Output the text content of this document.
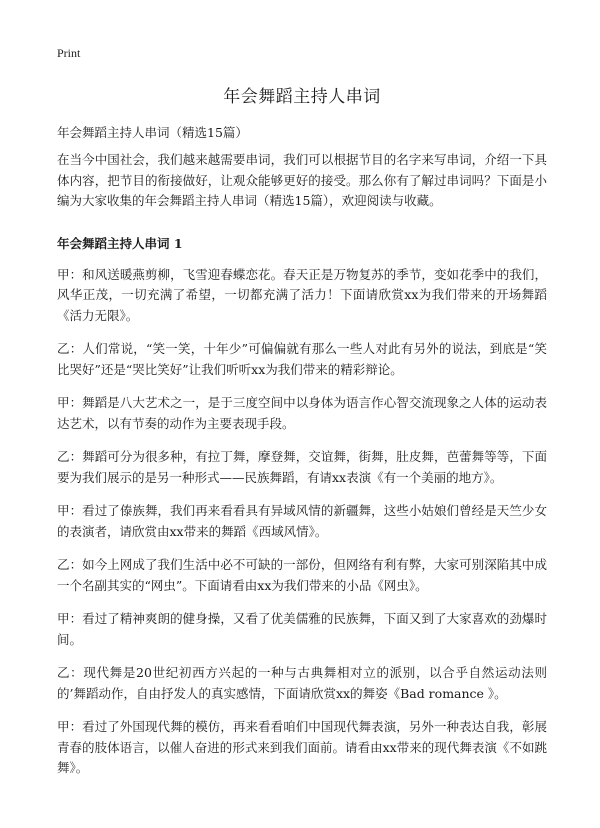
Print
年会舞蹈主持人串词

年会舞蹈主持人串词（精选15篇）

在当今中国社会，我们越来越需要串词，我们可以根据节目的名字来写串词，介绍一下具体内容，把节目的衔接做好，让观众能够更好的接受。那么你有了解过串词吗？下面是小编为大家收集的年会舞蹈主持人串词（精选15篇），欢迎阅读与收藏。

年会舞蹈主持人串词 1

甲：和风送暖燕剪柳，飞雪迎春蝶恋花。春天正是万物复苏的季节，变如花季中的我们，风华正茂，一切充满了希望，一切都充满了活力！下面请欣赏xx为我们带来的开场舞蹈《活力无限》。

乙：人们常说，“笑一笑，十年少”可偏偏就有那么一些人对此有另外的说法，到底是“笑比哭好”还是“哭比笑好”让我们听听xx为我们带来的精彩辩论。

甲：舞蹈是八大艺术之一，是于三度空间中以身体为语言作心智交流现象之人体的运动表达艺术，以有节奏的动作为主要表现手段。

乙：舞蹈可分为很多种，有拉丁舞，摩登舞，交谊舞，街舞，肚皮舞，芭蕾舞等等，下面要为我们展示的是另一种形式——民族舞蹈，有请xx表演《有一个美丽的地方》。

甲：看过了傣族舞，我们再来看看具有异域风情的新疆舞，这些小姑娘们曾经是天竺少女的表演者，请欣赏由xx带来的舞蹈《西域风情》。

乙：如今上网成了我们生活中必不可缺的一部份，但网络有利有弊，大家可别深陷其中成一个名副其实的“网虫”。下面请看由xx为我们带来的小品《网虫》。

甲：看过了精神爽朗的健身操，又看了优美儒雅的民族舞，下面又到了大家喜欢的劲爆时间。

乙：现代舞是20世纪初西方兴起的一种与古典舞相对立的派别，以合乎自然运动法则的’舞蹈动作，自由抒发人的真实感情，下面请欣赏xx的舞姿《Bad romance 》。

甲：看过了外国现代舞的模仿，再来看看咱们中国现代舞表演，另外一种表达自我，彰展青春的肢体语言，以催人奋进的形式来到我们面前。请看由xx带来的现代舞表演《不如跳舞》。
